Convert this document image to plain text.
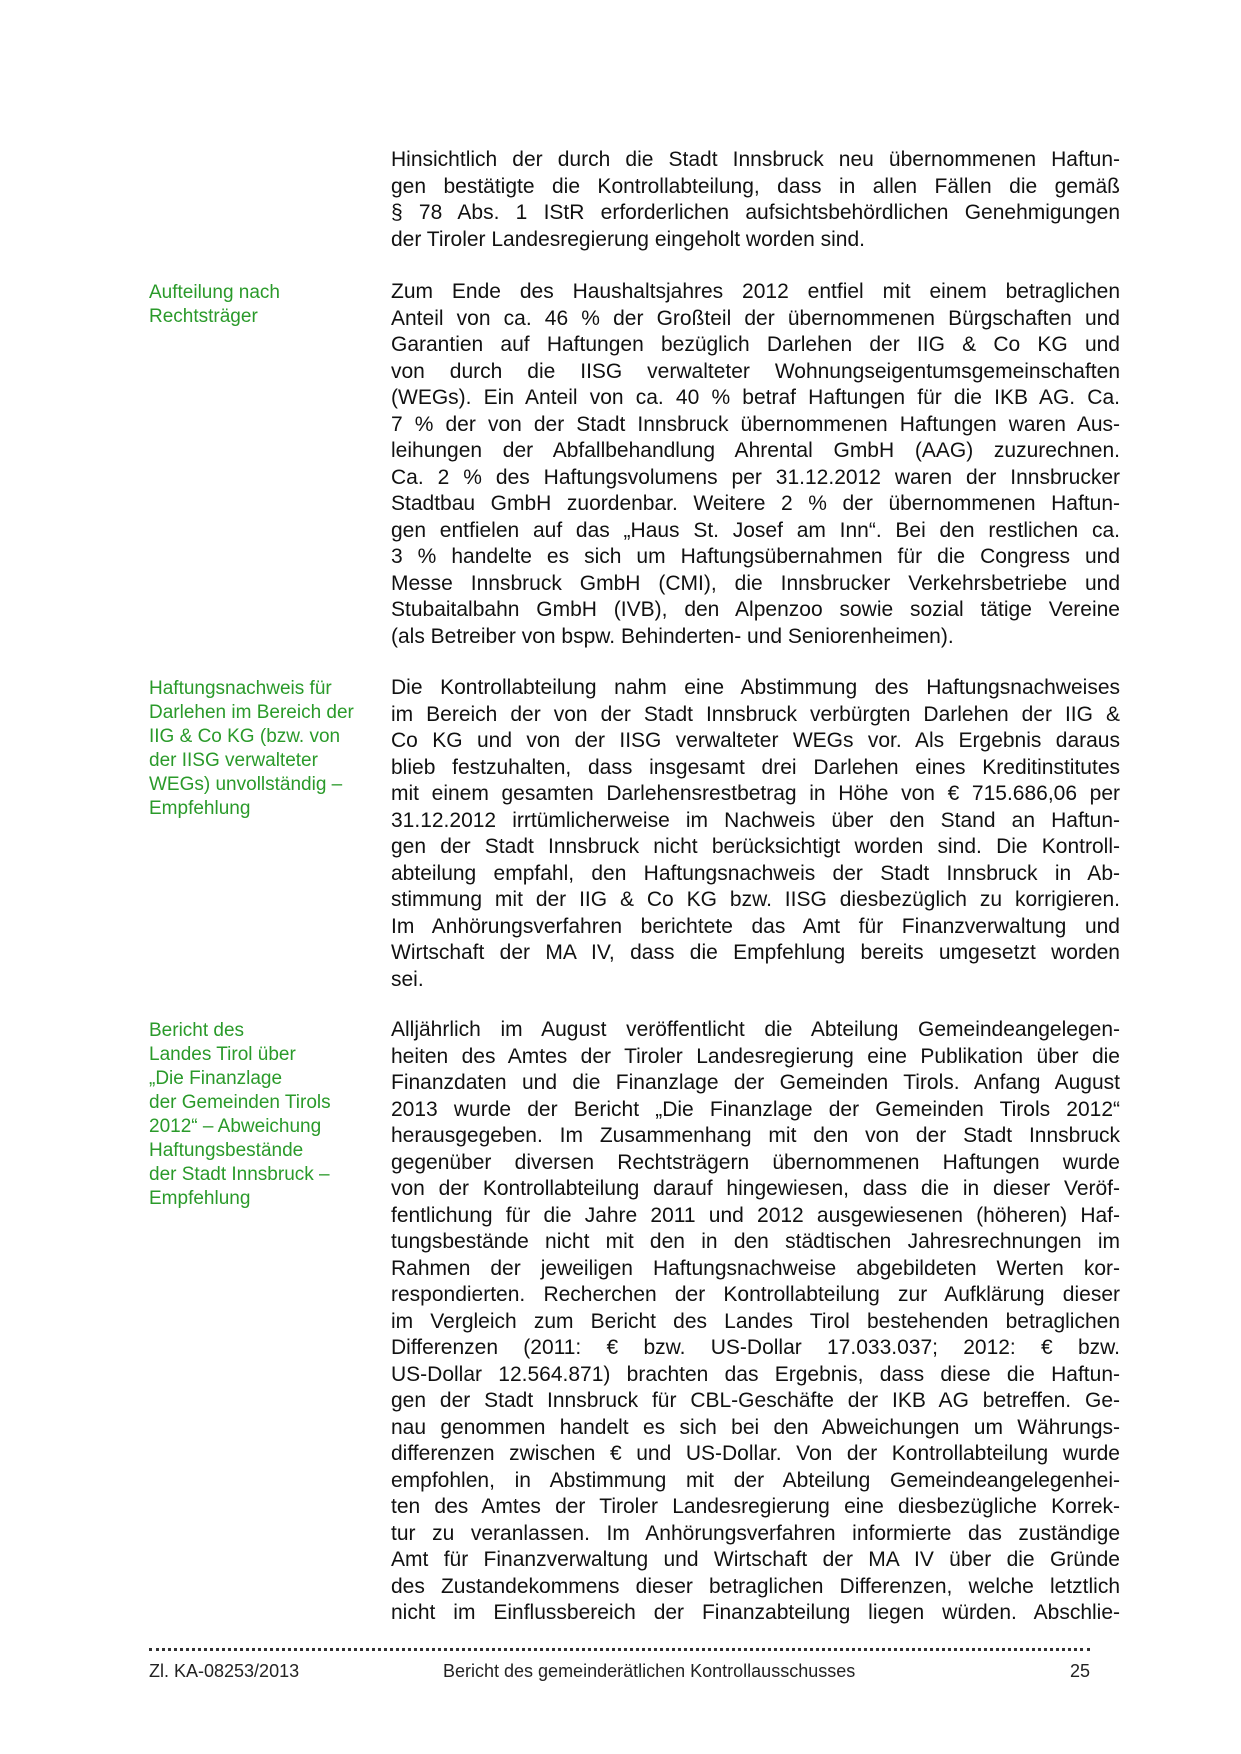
Hinsichtlich der durch die Stadt Innsbruck neu übernommenen Haftun-
gen bestätigte die Kontrollabteilung, dass in allen Fällen die gemäß
§ 78 Abs. 1 IStR erforderlichen aufsichtsbehördlichen Genehmigungen
der Tiroler Landesregierung eingeholt worden sind.
Zum Ende des Haushaltsjahres 2012 entfiel mit einem betraglichen
Anteil von ca. 46 % der Großteil der übernommenen Bürgschaften und
Garantien auf Haftungen bezüglich Darlehen der IIG & Co KG und
von durch die IISG verwalteter Wohnungseigentumsgemeinschaften
(WEGs). Ein Anteil von ca. 40 % betraf Haftungen für die IKB AG. Ca.
7 % der von der Stadt Innsbruck übernommenen Haftungen waren Aus-
leihungen der Abfallbehandlung Ahrental GmbH (AAG) zuzurechnen.
Ca. 2 % des Haftungsvolumens per 31.12.2012 waren der Innsbrucker
Stadtbau GmbH zuordenbar. Weitere 2 % der übernommenen Haftun-
gen entfielen auf das „Haus St. Josef am Inn“. Bei den restlichen ca.
3 % handelte es sich um Haftungsübernahmen für die Congress und
Messe Innsbruck GmbH (CMI), die Innsbrucker Verkehrsbetriebe und
Stubaitalbahn GmbH (IVB), den Alpenzoo sowie sozial tätige Vereine
(als Betreiber von bspw. Behinderten- und Seniorenheimen).
Aufteilung nach
Rechtsträger
Die Kontrollabteilung nahm eine Abstimmung des Haftungsnachweises
im Bereich der von der Stadt Innsbruck verbürgten Darlehen der IIG &
Co KG und von der IISG verwalteter WEGs vor. Als Ergebnis daraus
blieb festzuhalten, dass insgesamt drei Darlehen eines Kreditinstitutes
mit einem gesamten Darlehensrestbetrag in Höhe von € 715.686,06 per
31.12.2012 irrtümlicherweise im Nachweis über den Stand an Haftun-
gen der Stadt Innsbruck nicht berücksichtigt worden sind. Die Kontroll-
abteilung empfahl, den Haftungsnachweis der Stadt Innsbruck in Ab-
stimmung mit der IIG & Co KG bzw. IISG diesbezüglich zu korrigieren.
Im Anhörungsverfahren berichtete das Amt für Finanzverwaltung und
Wirtschaft der MA IV, dass die Empfehlung bereits umgesetzt worden
sei.
Haftungsnachweis für
Darlehen im Bereich der
IIG & Co KG (bzw. von
der IISG verwalteter
WEGs) unvollständig –
Empfehlung
Alljährlich im August veröffentlicht die Abteilung Gemeindeangelegen-
heiten des Amtes der Tiroler Landesregierung eine Publikation über die
Finanzdaten und die Finanzlage der Gemeinden Tirols. Anfang August
2013 wurde der Bericht „Die Finanzlage der Gemeinden Tirols 2012“
herausgegeben. Im Zusammenhang mit den von der Stadt Innsbruck
gegenüber diversen Rechtsträgern übernommenen Haftungen wurde
von der Kontrollabteilung darauf hingewiesen, dass die in dieser Veröf-
fentlichung für die Jahre 2011 und 2012 ausgewiesenen (höheren) Haf-
tungsbestände nicht mit den in den städtischen Jahresrechnungen im
Rahmen der jeweiligen Haftungsnachweise abgebildeten Werten kor-
respondierten. Recherchen der Kontrollabteilung zur Aufklärung dieser
im Vergleich zum Bericht des Landes Tirol bestehenden betraglichen
Differenzen (2011: € bzw. US-Dollar 17.033.037; 2012: € bzw.
US-Dollar 12.564.871) brachten das Ergebnis, dass diese die Haftun-
gen der Stadt Innsbruck für CBL-Geschäfte der IKB AG betreffen. Ge-
nau genommen handelt es sich bei den Abweichungen um Währungs-
differenzen zwischen € und US-Dollar. Von der Kontrollabteilung wurde
empfohlen, in Abstimmung mit der Abteilung Gemeindeangelegenhei-
ten des Amtes der Tiroler Landesregierung eine diesbezügliche Korrek-
tur zu veranlassen. Im Anhörungsverfahren informierte das zuständige
Amt für Finanzverwaltung und Wirtschaft der MA IV über die Gründe
des Zustandekommens dieser betraglichen Differenzen, welche letztlich
nicht im Einflussbereich der Finanzabteilung liegen würden. Abschlie-
Bericht des
Landes Tirol über
„Die Finanzlage
der Gemeinden Tirols
2012“ – Abweichung
Haftungsbestände
der Stadt Innsbruck –
Empfehlung
Zl. KA-08253/2013	Bericht des gemeinderätlichen Kontrollausschusses	25
